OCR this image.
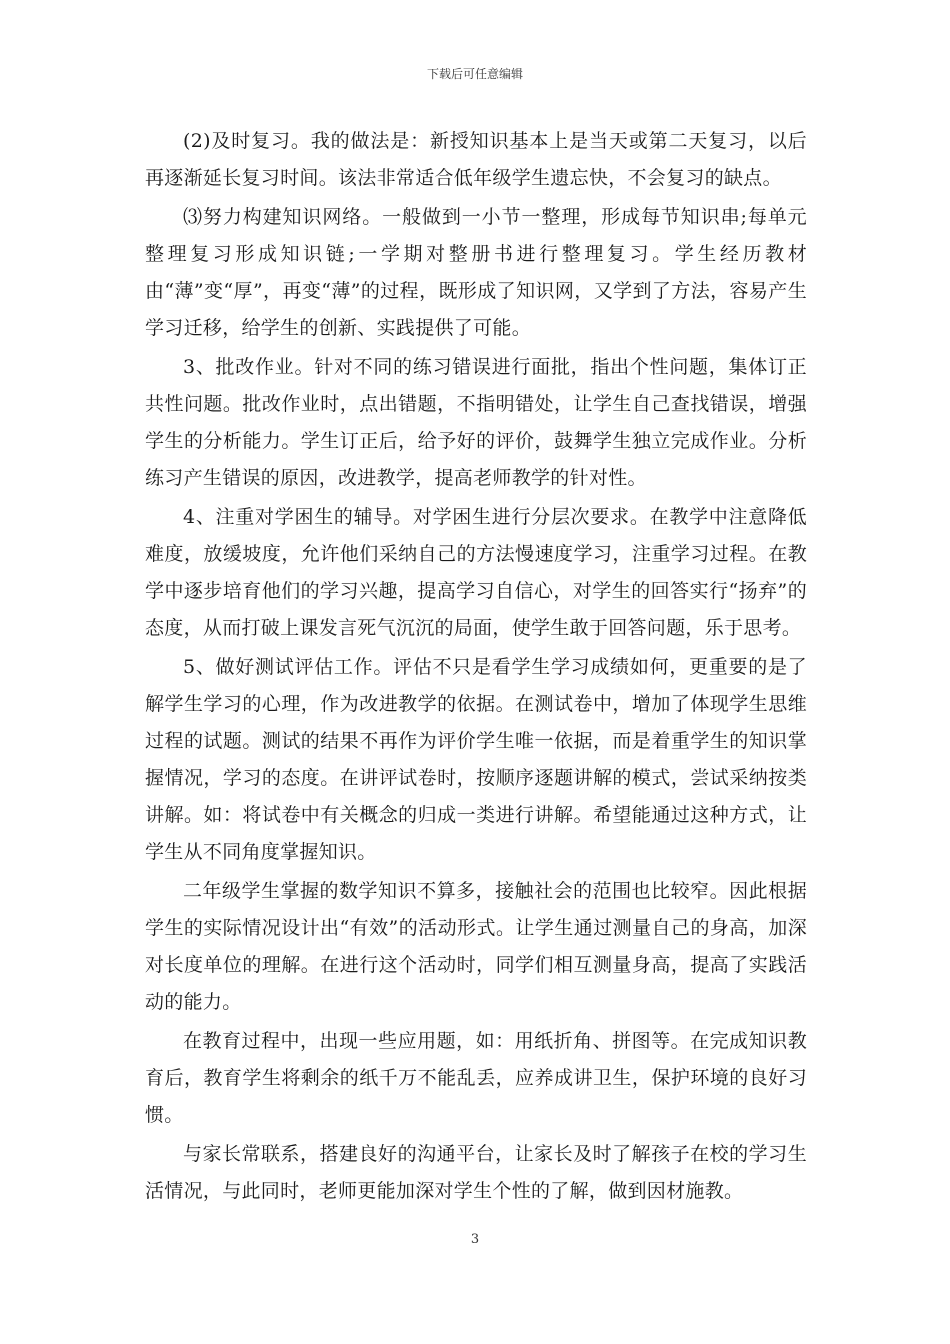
下载后可任意编辑

(2)及时复习。我的做法是：新授知识基本上是当天或第二天复习，以后再逐渐延长复习时间。该法非常适合低年级学生遗忘快，不会复习的缺点。

⑶努力构建知识网络。一般做到一小节一整理，形成每节知识串;每单元整理复习形成知识链;一学期对整册书进行整理复习。学生经历教材由“薄”变“厚”，再变“薄”的过程，既形成了知识网，又学到了方法，容易产生学习迁移，给学生的创新、实践提供了可能。

3、批改作业。针对不同的练习错误进行面批，指出个性问题，集体订正共性问题。批改作业时，点出错题，不指明错处，让学生自己查找错误，增强学生的分析能力。学生订正后，给予好的评价，鼓舞学生独立完成作业。分析练习产生错误的原因，改进教学，提高老师教学的针对性。

4、注重对学困生的辅导。对学困生进行分层次要求。在教学中注意降低难度，放缓坡度，允许他们采纳自己的方法慢速度学习，注重学习过程。在教学中逐步培育他们的学习兴趣，提高学习自信心，对学生的回答实行“扬弃”的态度，从而打破上课发言死气沉沉的局面，使学生敢于回答问题，乐于思考。

5、做好测试评估工作。评估不只是看学生学习成绩如何，更重要的是了解学生学习的心理，作为改进教学的依据。在测试卷中，增加了体现学生思维过程的试题。测试的结果不再作为评价学生唯一依据，而是着重学生的知识掌握情况，学习的态度。在讲评试卷时，按顺序逐题讲解的模式，尝试采纳按类讲解。如：将试卷中有关概念的归成一类进行讲解。希望能通过这种方式，让学生从不同角度掌握知识。

二年级学生掌握的数学知识不算多，接触社会的范围也比较窄。因此根据学生的实际情况设计出“有效”的活动形式。让学生通过测量自己的身高，加深对长度单位的理解。在进行这个活动时，同学们相互测量身高，提高了实践活动的能力。

在教育过程中，出现一些应用题，如：用纸折角、拼图等。在完成知识教育后，教育学生将剩余的纸千万不能乱丢，应养成讲卫生，保护环境的良好习惯。

与家长常联系，搭建良好的沟通平台，让家长及时了解孩子在校的学习生活情况，与此同时，老师更能加深对学生个性的了解，做到因材施教。

3
